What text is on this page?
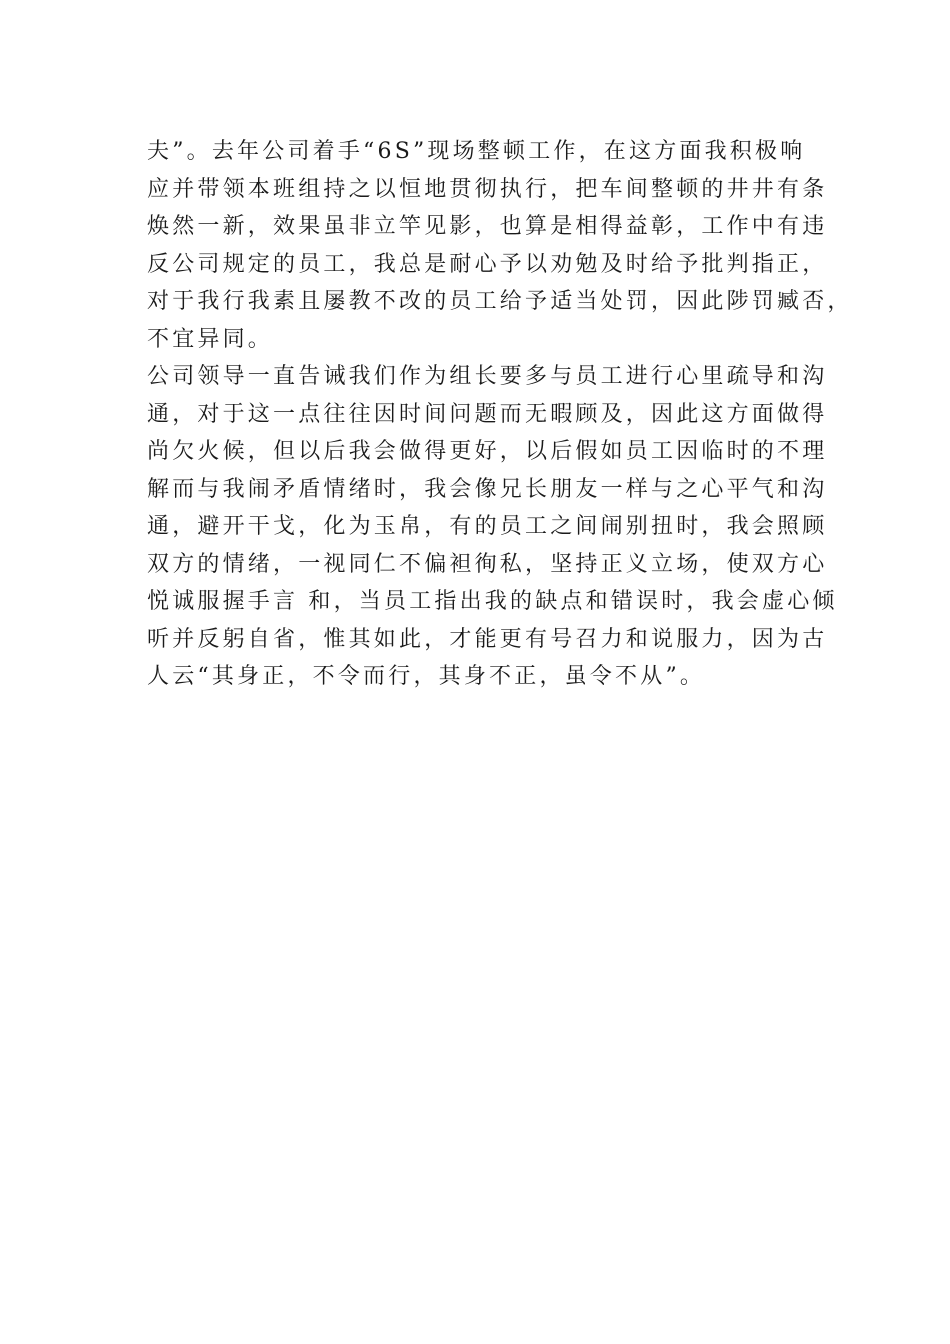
夫”。去年公司着手“6S”现场整顿工作，在这方面我积极响

应并带领本班组持之以恒地贯彻执行，把车间整顿的井井有条

焕然一新，效果虽非立竿见影，也算是相得益彰，工作中有违

反公司规定的员工，我总是耐心予以劝勉及时给予批判指正，

对于我行我素且屡教不改的员工给予适当处罚，因此陟罚臧否，

不宜异同。

公司领导一直告诫我们作为组长要多与员工进行心里疏导和沟

通，对于这一点往往因时间问题而无暇顾及，因此这方面做得

尚欠火候，但以后我会做得更好，以后假如员工因临时的不理

解而与我闹矛盾情绪时，我会像兄长朋友一样与之心平气和沟

通，避开干戈，化为玉帛，有的员工之间闹别扭时，我会照顾

双方的情绪，一视同仁不偏袒徇私，坚持正义立场，使双方心

悦诚服握手言 和，当员工指出我的缺点和错误时，我会虚心倾

听并反躬自省，惟其如此，才能更有号召力和说服力，因为古

人云“其身正，不令而行，其身不正，虽令不从”。
